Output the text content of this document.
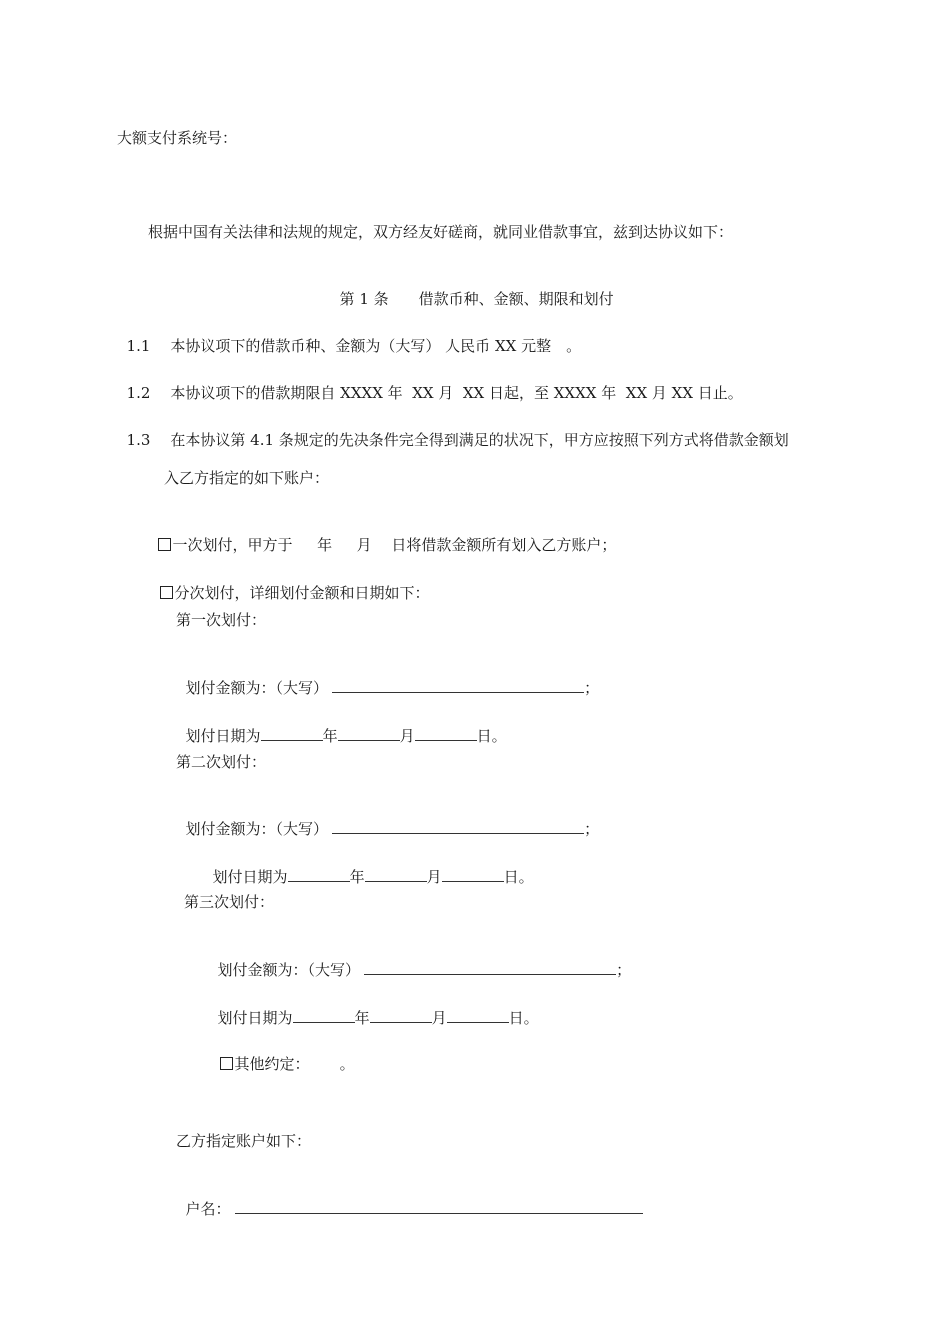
大额支付系统号：
根据中国有关法律和法规的规定，双方经友好磋商，就同业借款事宜，兹到达协议如下：

第 1 条 借款币种、金额、期限和划付

1.1 本协议项下的借款币种、金额为（大写） 人民币 XX 元整　。

1.2 本协议项下的借款期限自 XXXX 年  XX 月  XX 日起，至 XXXX 年  XX 月 XX 日止。

1.3 在本协议第 4.1 条规定的先决条件完全得到满足的状况下，甲方应按照下列方式将借款金额划

入乙方指定的如下账户：

一次划付，甲方于 　 年 　 月 　日将借款金额所有划入乙方账户；

分次划付，详细划付金额和日期如下：

第一次划付：

划付金额为：（大写）	；

划付日期为	年	月	日。

第二次划付：

划付金额为：（大写）	；

划付日期为	年	月	日。

第三次划付：

划付金额为：（大写）	；

划付日期为	年	月	日。

其他约定： 。

乙方指定账户如下：

户名：
